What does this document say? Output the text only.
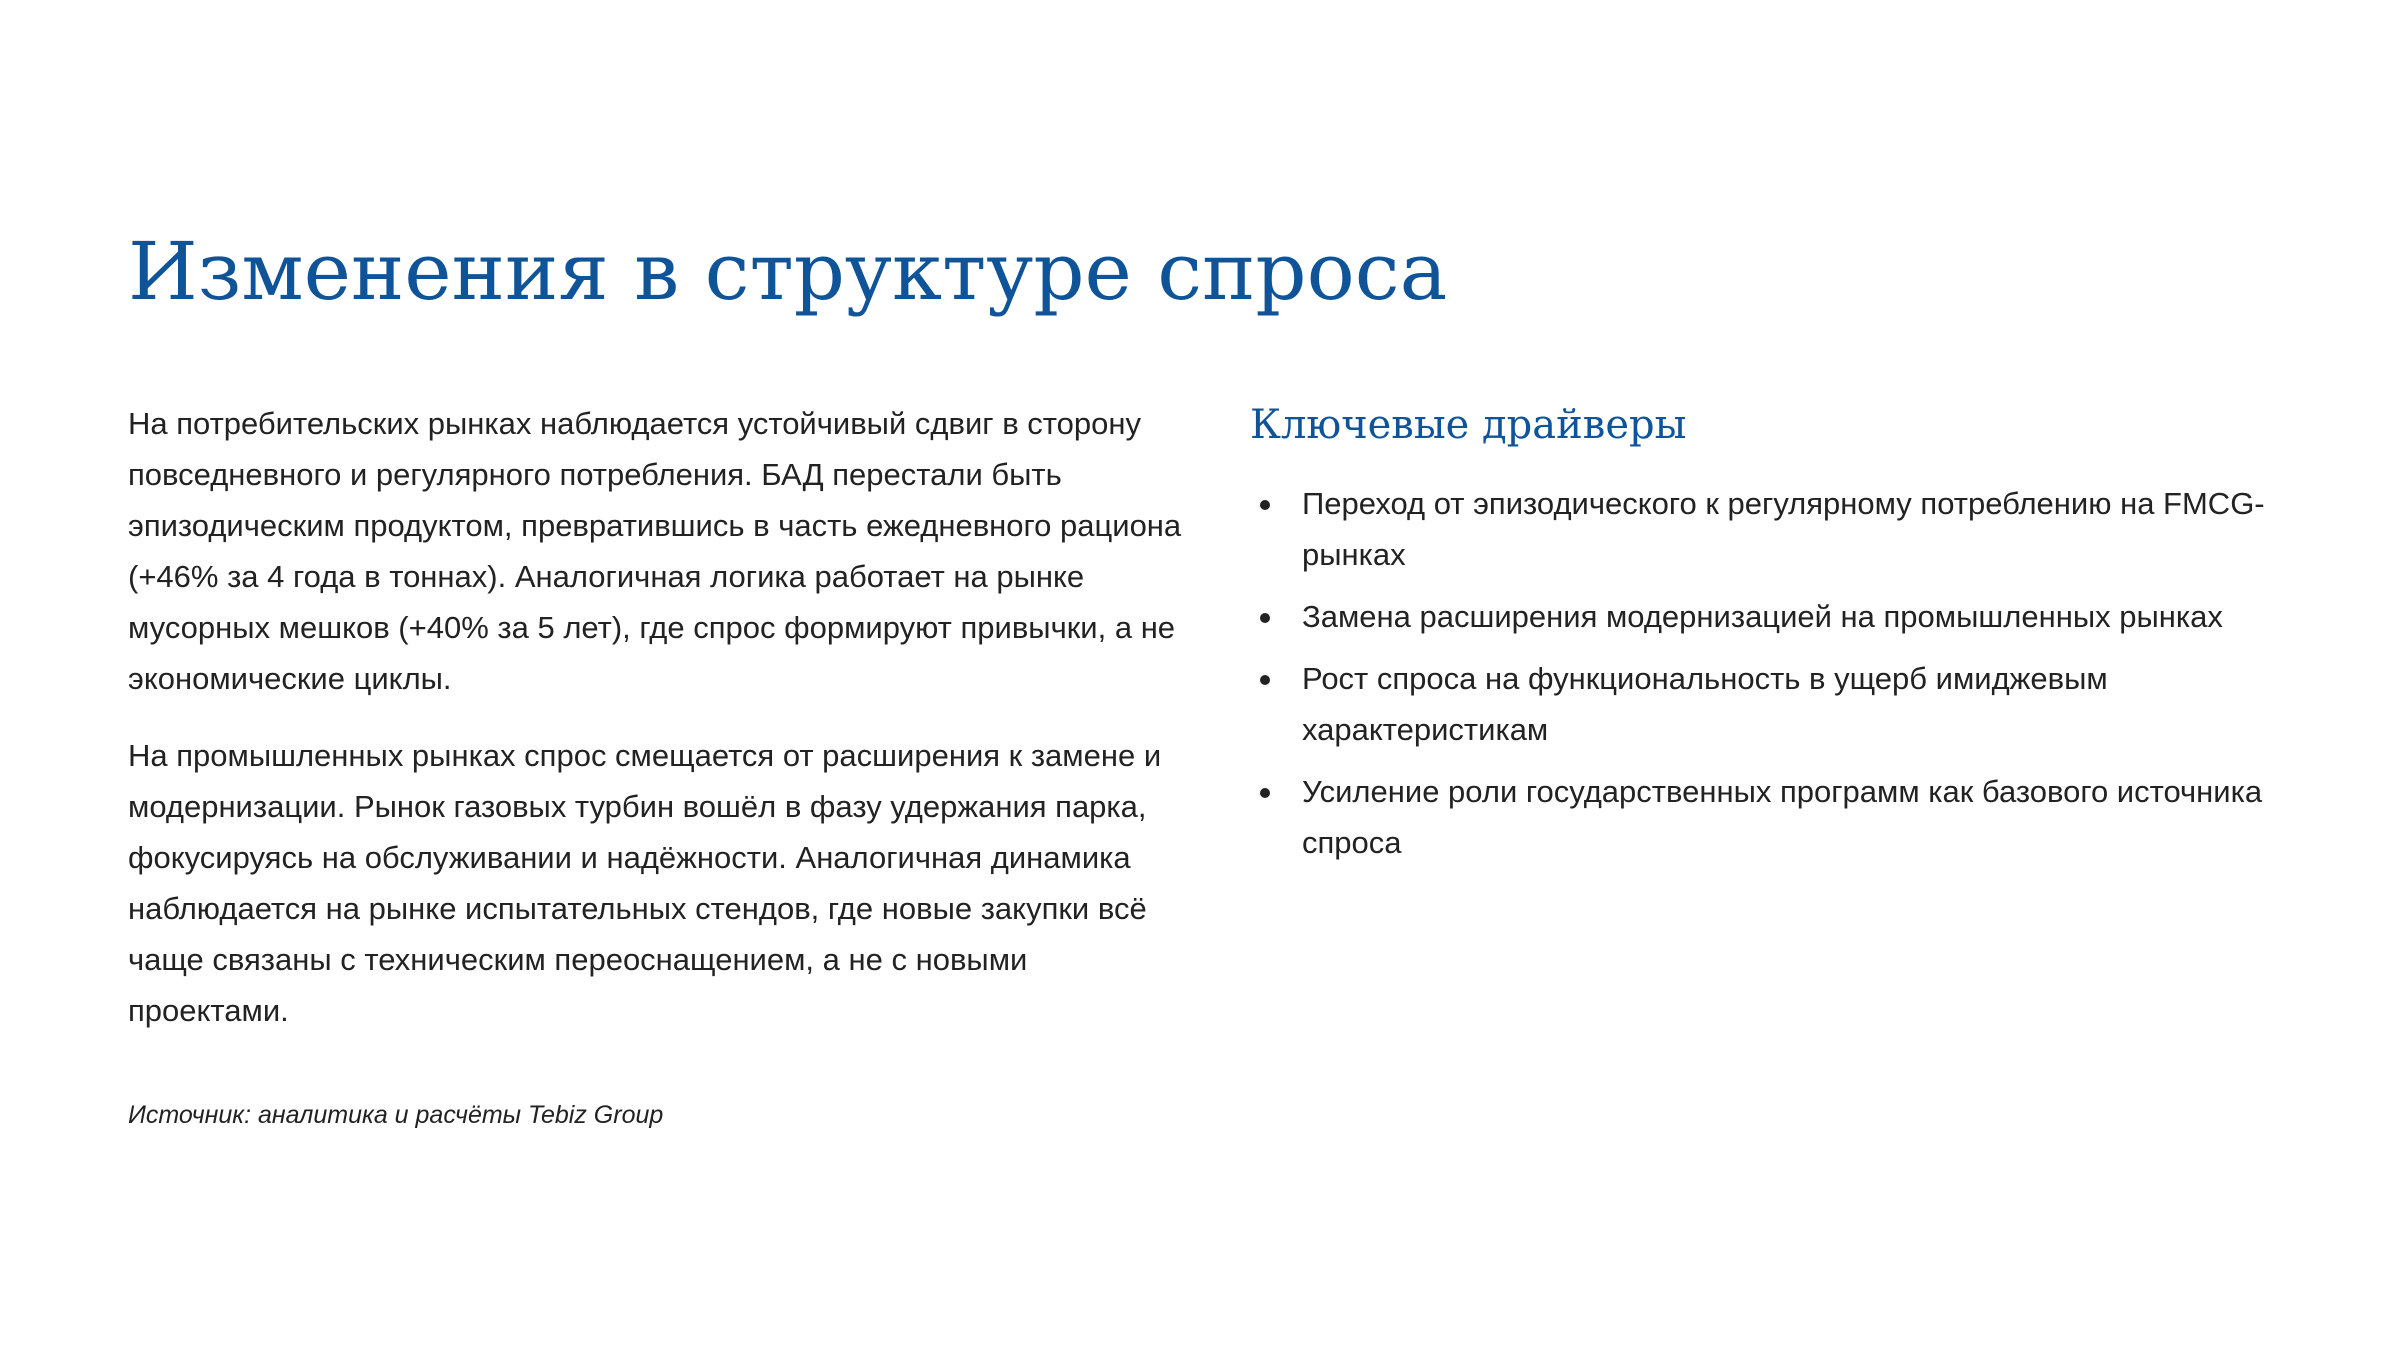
Изменения в структуре спроса

На потребительских рынках наблюдается устойчивый сдвиг в сторону повседневного и регулярного потребления. БАД перестали быть эпизодическим продуктом, превратившись в часть ежедневного рациона (+46% за 4 года в тоннах). Аналогичная логика работает на рынке мусорных мешков (+40% за 5 лет), где спрос формируют привычки, а не экономические циклы.

На промышленных рынках спрос смещается от расширения к замене и модернизации. Рынок газовых турбин вошёл в фазу удержания парка, фокусируясь на обслуживании и надёжности. Аналогичная динамика наблюдается на рынке испытательных стендов, где новые закупки всё чаще связаны с техническим переоснащением, а не с новыми проектами.

Источник: аналитика и расчёты Tebiz Group
Ключевые драйверы
Переход от эпизодического к регулярному потреблению на FMCG-рынках
Замена расширения модернизацией на промышленных рынках
Рост спроса на функциональность в ущерб имиджевым характеристикам
Усиление роли государственных программ как базового источника спроса
